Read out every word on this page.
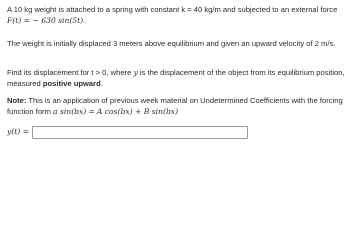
A 10 kg weight is attached to a spring with constant k = 40 kg/m and subjected to an external force F(t) = − 630 sin(5t).

The weight is initially displaced 3 meters above equilibrium and given an upward velocity of 2 m/s.

Find its displacement for t > 0, where y is the displacement of the object from its equilibrium position, measured positive upward.

Note: This is an application of previous week material on Undetermined Coefficients with the forcing function form a sin(bx) = A cos(bx) + B sin(bx)

y(t) =
